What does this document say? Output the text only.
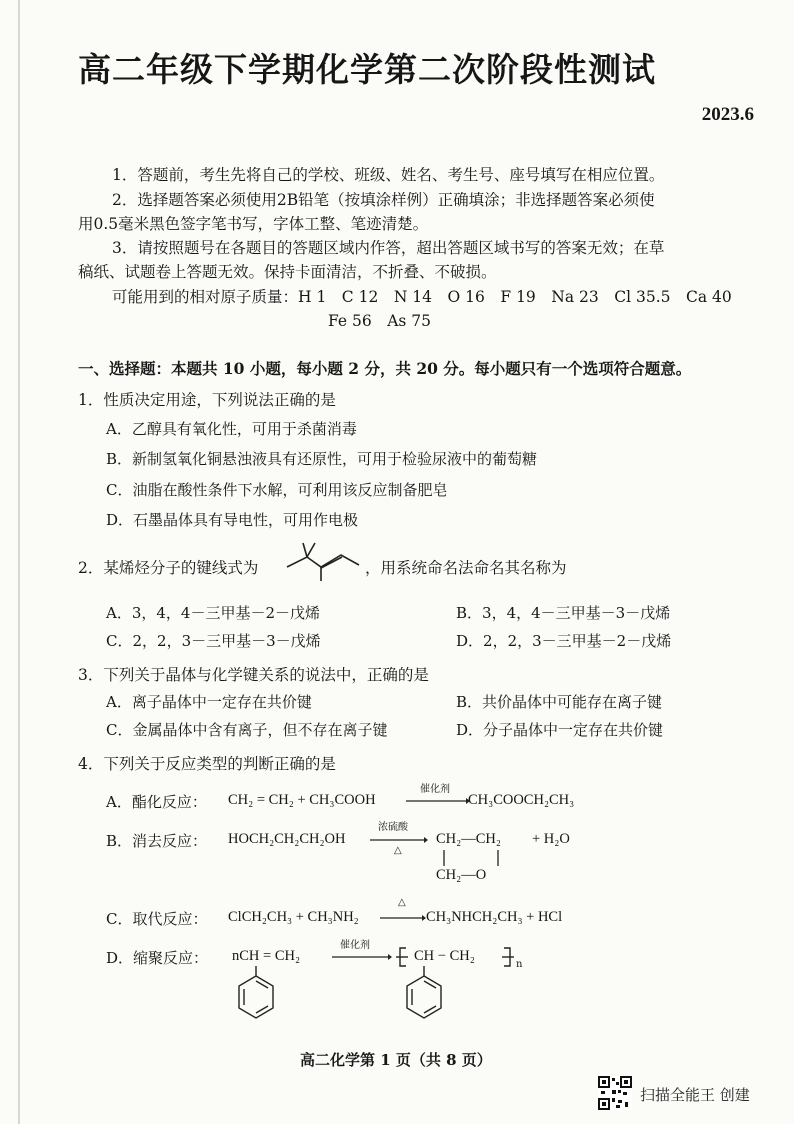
高二年级下学期化学第二次阶段性测试
2023.6
1．答题前，考生先将自己的学校、班级、姓名、考生号、座号填写在相应位置。
2．选择题答案必须使用2B铅笔（按填涂样例）正确填涂；非选择题答案必须使
用0.5毫米黑色签字笔书写，字体工整、笔迹清楚。
3．请按照题号在各题目的答题区域内作答，超出答题区域书写的答案无效；在草
稿纸、试题卷上答题无效。保持卡面清洁，不折叠、不破损。
可能用到的相对原子质量：H 1　C 12　N 14　O 16　F 19　Na 23　Cl 35.5　Ca 40
Fe 56　As 75
一、选择题：本题共 10 小题，每小题 2 分，共 20 分。每小题只有一个选项符合题意。
1．性质决定用途，下列说法正确的是
A．乙醇具有氧化性，可用于杀菌消毒
B．新制氢氧化铜悬浊液具有还原性，可用于检验尿液中的葡萄糖
C．油脂在酸性条件下水解，可利用该反应制备肥皂
D．石墨晶体具有导电性，可用作电极
2．某烯烃分子的键线式为	，用系统命名法命名其名称为
A．3，4，4－三甲基－2－戊烯	B．3，4，4－三甲基－3－戊烯
C．2，2，3－三甲基－3－戊烯	D．2，2，3－三甲基－2－戊烯
3．下列关于晶体与化学键关系的说法中，正确的是
A．离子晶体中一定存在共价键	B．共价晶体中可能存在离子键
C．金属晶体中含有离子，但不存在离子键	D．分子晶体中一定存在共价键
4．下列关于反应类型的判断正确的是
A．酯化反应： CH₂ = CH₂ + CH₃COOH
催化剂
CH₃COOCH₂CH₃
B．消去反应： HOCH₂CH₂CH₂OH
浓硫酸
△
CH₂—CH₂
CH₂—O
+ H₂O
C．取代反应： ClCH₂CH₃ + CH₃NH₂
△
→ CH₃NHCH₂CH₃ + HCl
D．缩聚反应： nCH = CH₂
催化剂
→ CH − CH₂
n
高二化学第 1 页（共 8 页）
扫描全能王 创建
